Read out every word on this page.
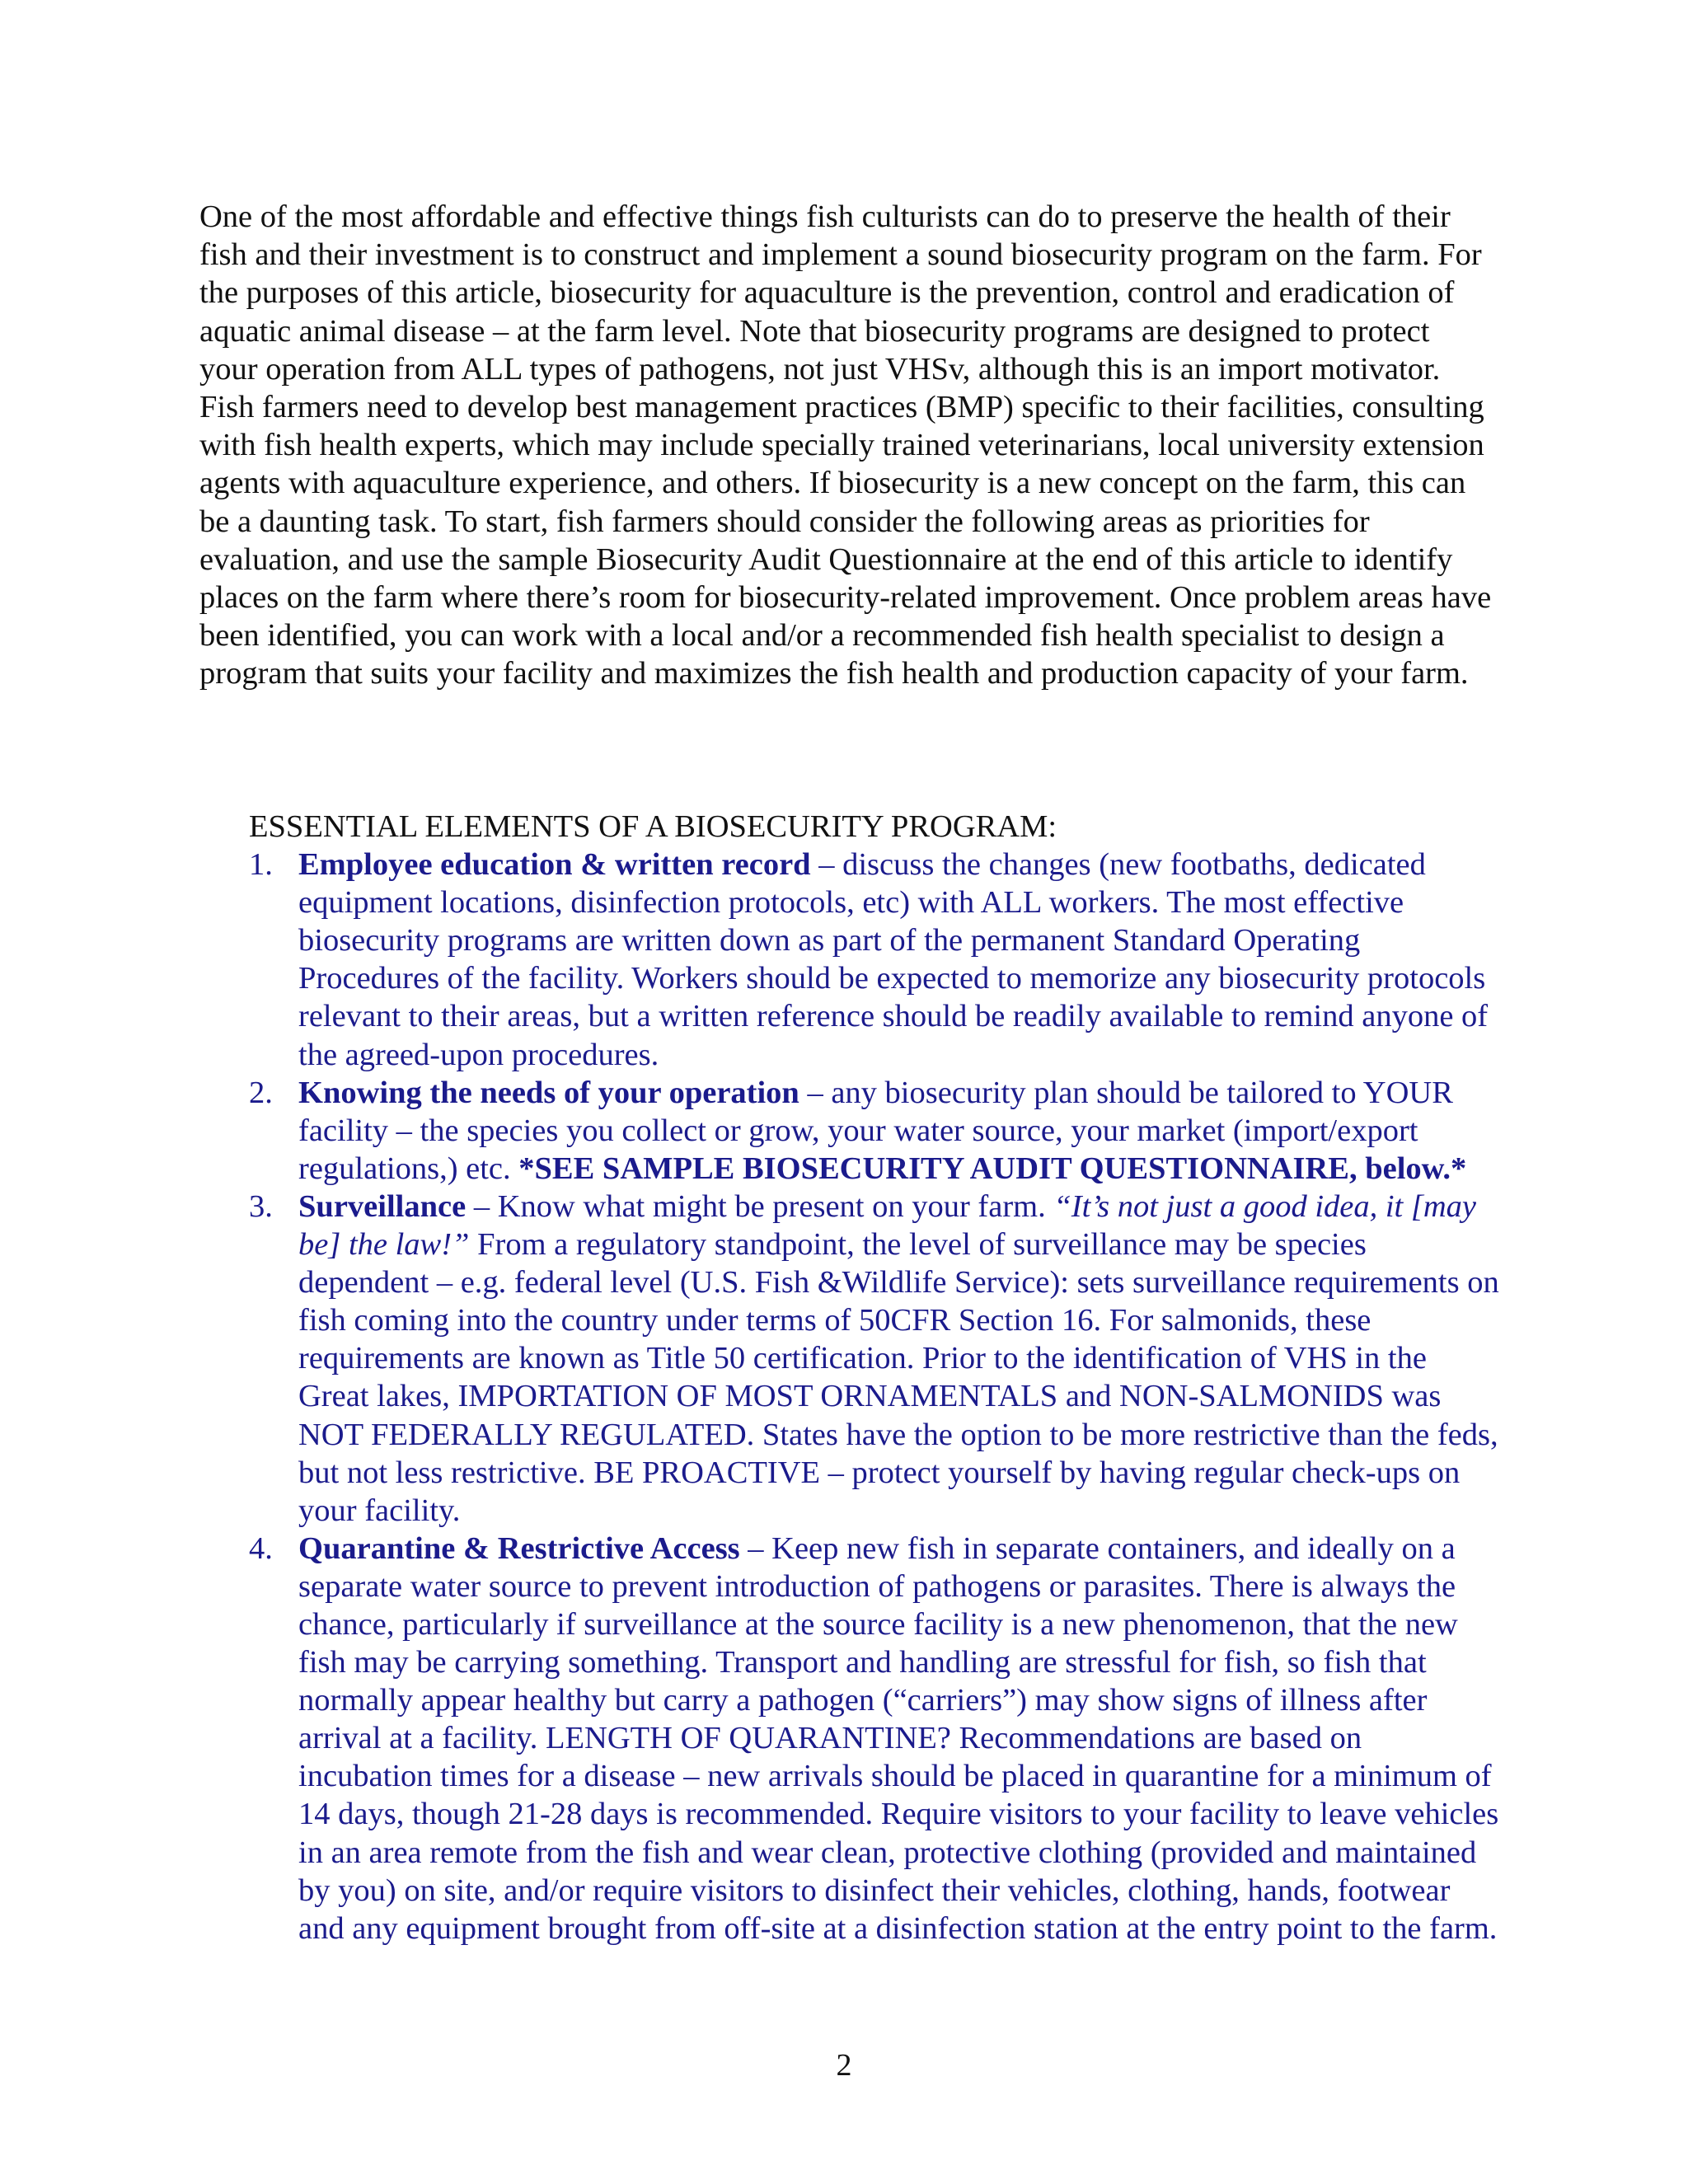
One of the most affordable and effective things fish culturists can do to preserve the health of their fish and their investment is to construct and implement a sound biosecurity program on the farm. For the purposes of this article, biosecurity for aquaculture is the prevention, control and eradication of aquatic animal disease – at the farm level. Note that biosecurity programs are designed to protect your operation from ALL types of pathogens, not just VHSv, although this is an import motivator. Fish farmers need to develop best management practices (BMP) specific to their facilities, consulting with fish health experts, which may include specially trained veterinarians, local university extension agents with aquaculture experience, and others. If biosecurity is a new concept on the farm, this can be a daunting task. To start, fish farmers should consider the following areas as priorities for evaluation, and use the sample Biosecurity Audit Questionnaire at the end of this article to identify places on the farm where there’s room for biosecurity-related improvement. Once problem areas have been identified, you can work with a local and/or a recommended fish health specialist to design a program that suits your facility and maximizes the fish health and production capacity of your farm.

ESSENTIAL ELEMENTS OF A BIOSECURITY PROGRAM:

1. Employee education & written record – discuss the changes (new footbaths, dedicated equipment locations, disinfection protocols, etc) with ALL workers. The most effective biosecurity programs are written down as part of the permanent Standard Operating Procedures of the facility. Workers should be expected to memorize any biosecurity protocols relevant to their areas, but a written reference should be readily available to remind anyone of the agreed-upon procedures.

2. Knowing the needs of your operation – any biosecurity plan should be tailored to YOUR facility – the species you collect or grow, your water source, your market (import/export regulations,) etc. *SEE SAMPLE BIOSECURITY AUDIT QUESTIONNAIRE, below.*

3. Surveillance – Know what might be present on your farm. “It’s not just a good idea, it [may be] the law!” From a regulatory standpoint, the level of surveillance may be species dependent – e.g. federal level (U.S. Fish &Wildlife Service): sets surveillance requirements on fish coming into the country under terms of 50CFR Section 16. For salmonids, these requirements are known as Title 50 certification. Prior to the identification of VHS in the Great lakes, IMPORTATION OF MOST ORNAMENTALS and NON-SALMONIDS was NOT FEDERALLY REGULATED. States have the option to be more restrictive than the feds, but not less restrictive. BE PROACTIVE – protect yourself by having regular check-ups on your facility.

4. Quarantine & Restrictive Access – Keep new fish in separate containers, and ideally on a separate water source to prevent introduction of pathogens or parasites. There is always the chance, particularly if surveillance at the source facility is a new phenomenon, that the new fish may be carrying something. Transport and handling are stressful for fish, so fish that normally appear healthy but carry a pathogen (“carriers”) may show signs of illness after arrival at a facility. LENGTH OF QUARANTINE? Recommendations are based on incubation times for a disease – new arrivals should be placed in quarantine for a minimum of 14 days, though 21-28 days is recommended. Require visitors to your facility to leave vehicles in an area remote from the fish and wear clean, protective clothing (provided and maintained by you) on site, and/or require visitors to disinfect their vehicles, clothing, hands, footwear and any equipment brought from off-site at a disinfection station at the entry point to the farm.

2
